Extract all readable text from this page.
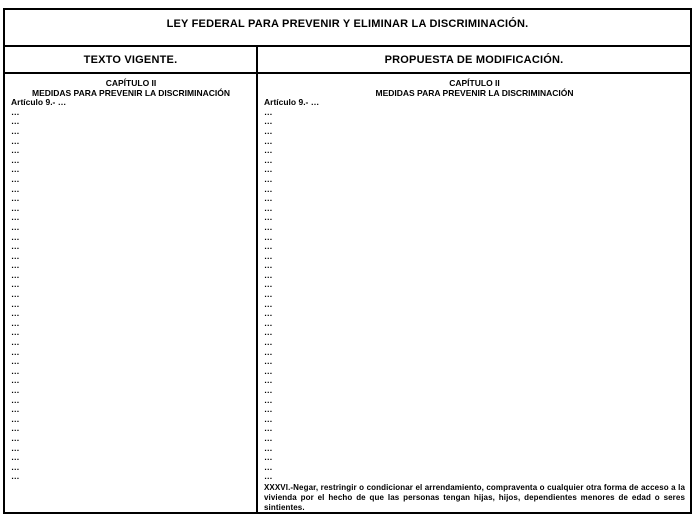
LEY FEDERAL PARA PREVENIR Y ELIMINAR LA DISCRIMINACIÓN.
TEXTO VIGENTE.	PROPUESTA DE MODIFICACIÓN.
CAPÍTULO II
MEDIDAS PARA PREVENIR LA DISCRIMINACIÓN
Artículo 9.- …
…
…
…
…
…
…
…
…
…
…
…
…
…
…
…
…
…
…
…
…
…
…
…
…
…
…
…
…
…
…
…
…
…
…
…
…
…
…
…
CAPÍTULO II
MEDIDAS PARA PREVENIR LA DISCRIMINACIÓN
Artículo 9.- …
…
…
…
…
…
…
…
…
…
…
…
…
…
…
…
…
…
…
…
…
…
…
…
…
…
…
…
…
…
…
…
…
…
…
…
…
…
…
…
XXXVI.-Negar, restringir o condicionar el arrendamiento, compraventa o cualquier otra forma de acceso a la vivienda por el hecho de que las personas tengan hijas, hijos, dependientes menores de edad o seres sintientes.
